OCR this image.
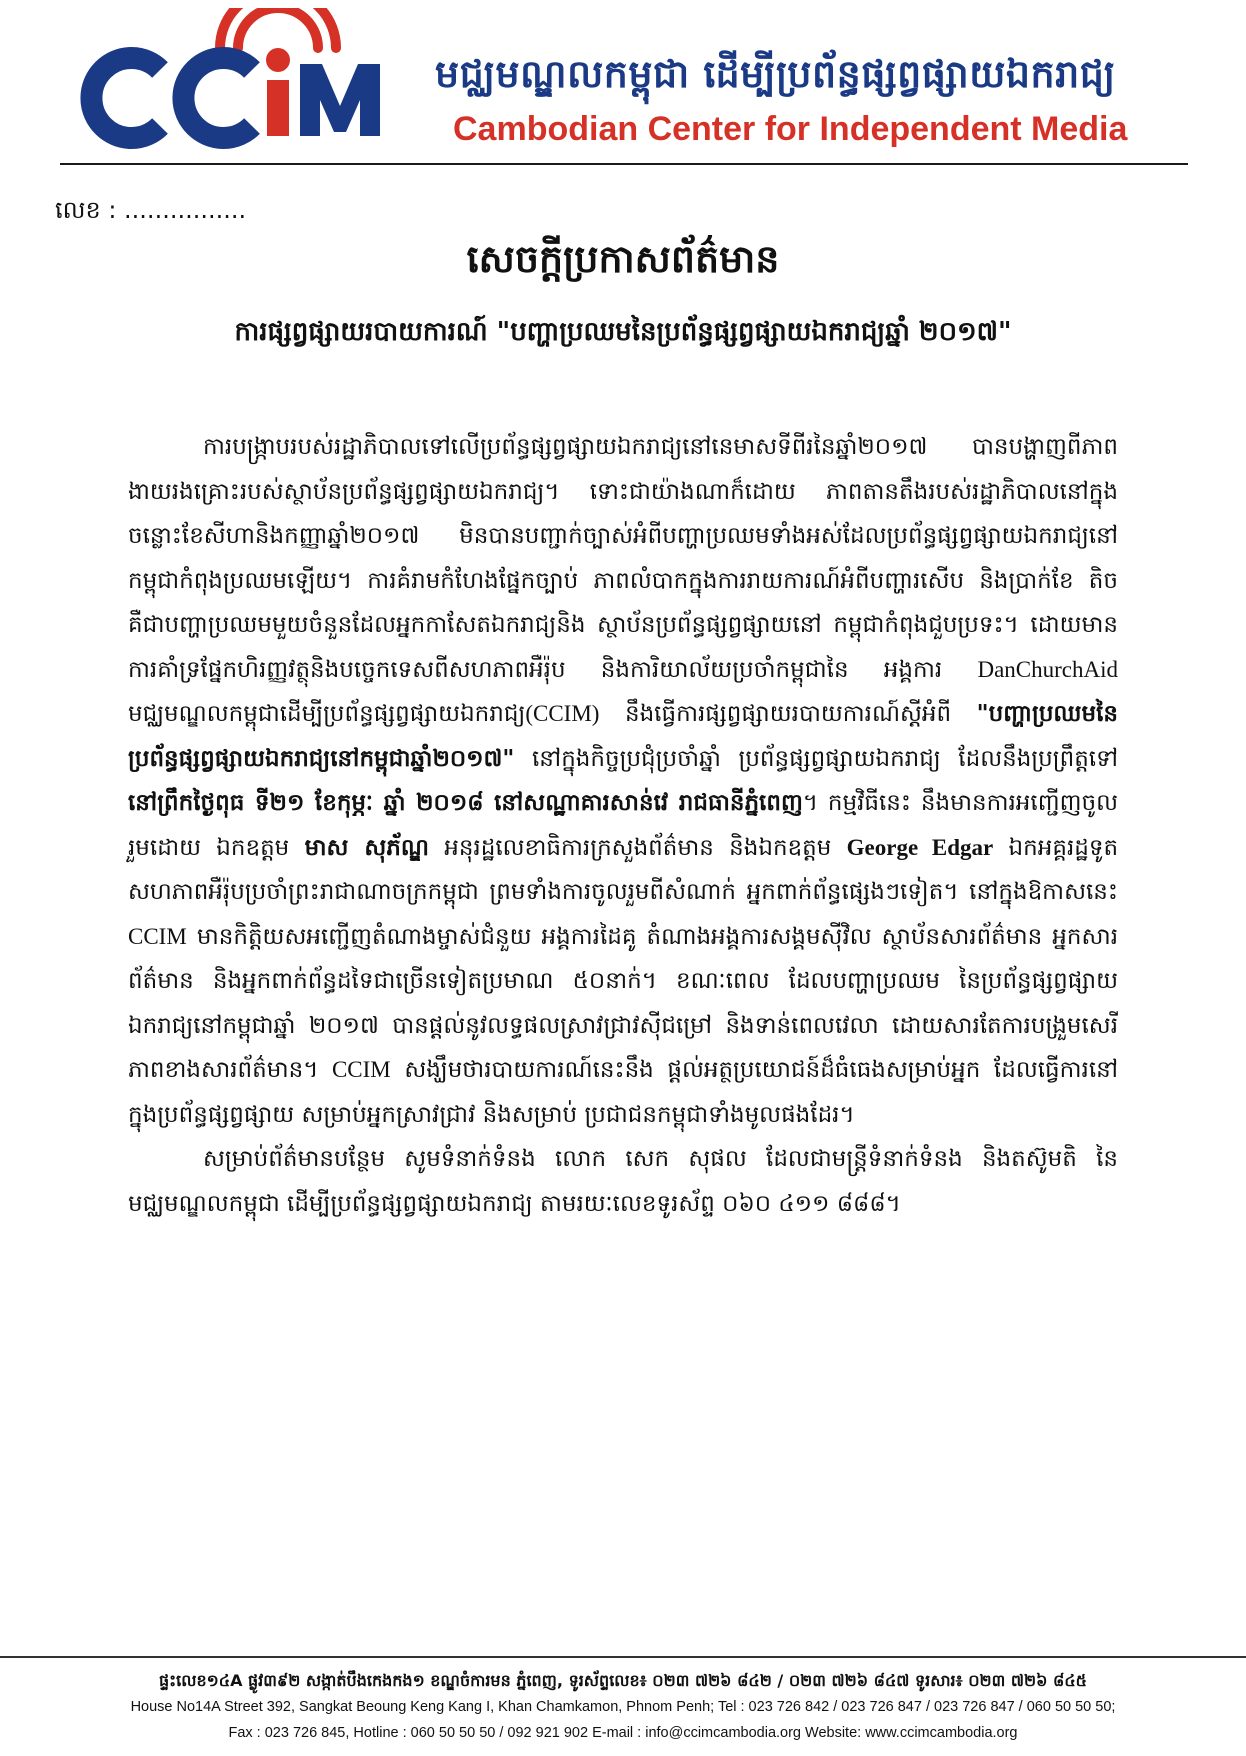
មជ្ឈមណ្ឌលកម្ពុជា ដើម្បីប្រព័ន្ធផ្សព្វផ្សាយឯករាជ្យ
Cambodian Center for Independent Media
លេខ : ................
សេចក្តីប្រកាសព័ត៌មាន
ការផ្សព្វផ្សាយរបាយការណ៍ "បញ្ហាប្រឈមនៃប្រព័ន្ធផ្សព្វផ្សាយឯករាជ្យឆ្នាំ ២០១៧"

ការបង្ក្រាបរបស់រដ្ឋាភិបាលទៅលើប្រព័ន្ធផ្សព្វផ្សាយឯករាជ្យនៅនេមាសទីពីរនៃឆ្នាំ២០១៧ បានបង្ហាញពីភាពងាយរងគ្រោះរបស់ស្ថាប័នប្រព័ន្ធផ្សព្វផ្សាយឯករាជ្យ។ ទោះជាយ៉ាងណាក៏ដោយ ភាពតានតឹងរបស់រដ្ឋាភិបាលនៅក្នុងចន្លោះខែសីហានិងកញ្ញាឆ្នាំ២០១៧ មិនបានបញ្ជាក់ច្បាស់អំពីបញ្ហាប្រឈមទាំងអស់ដែលប្រព័ន្ធផ្សព្វផ្សាយឯករាជ្យនៅ កម្ពុជាកំពុងប្រឈមឡើយ។ ការគំរាមកំហែងផ្នែកច្បាប់ ភាពលំបាកក្នុងការរាយការណ៍អំពីបញ្ហារសើប និងប្រាក់ខែ តិចគឺជាបញ្ហាប្រឈមមួយចំនួនដែលអ្នកកាសែតឯករាជ្យនិង ស្ថាប័នប្រព័ន្ធផ្សព្វផ្សាយនៅ កម្ពុជាកំពុងជួបប្រទះ។ ដោយមាន ការគាំទ្រផ្នែកហិរញ្ញវត្ថុនិងបច្ចេកទេសពីសហភាពអឺរ៉ុប និងការិយាល័យប្រចាំកម្ពុជានៃ អង្គការ DanChurchAid មជ្ឈមណ្ឌលកម្ពុជាដើម្បីប្រព័ន្ធផ្សព្វផ្សាយឯករាជ្យ(CCIM) នឹងធ្វើការផ្សព្វផ្សាយរបាយការណ៍ស្តីអំពី "បញ្ហាប្រឈមនៃ ប្រព័ន្ធផ្សព្វផ្សាយឯករាជ្យនៅកម្ពុជាឆ្នាំ២០១៧" នៅក្នុងកិច្ចប្រជុំប្រចាំឆ្នាំ ប្រព័ន្ធផ្សព្វផ្សាយឯករាជ្យ ដែលនឹងប្រព្រឹត្តទៅ នៅព្រឹកថ្ងៃពុធ ទី២១ ខែកុម្ភៈ ឆ្នាំ ២០១៨ នៅសណ្ឋាគារសាន់វេ រាជធានីភ្នំពេញ។ កម្មវិធីនេះ នឹងមានការអញ្ជើញចូលរួមដោយ ឯកឧត្តម មាស សុភ័ណ្ឌ អនុរដ្ឋលេខាធិការក្រសួងព័ត៌មាន និងឯកឧត្តម George Edgar ឯកអគ្គរដ្ឋទូត សហភាពអឺរ៉ុបប្រចាំព្រះរាជាណាចក្រកម្ពុជា ព្រមទាំងការចូលរួមពីសំណាក់ អ្នកពាក់ព័ន្ធផ្សេងៗទៀត។ នៅក្នុងឱកាសនេះ CCIM មានកិត្តិយសអញ្ជើញតំណាងម្ចាស់ជំនួយ អង្គការដៃគូ តំណាងអង្គការសង្គមស៊ីវិល ស្ថាប័នសារព័ត៌មាន អ្នកសារ ព័ត៌មាន និងអ្នកពាក់ព័ន្ធដទៃជាច្រើនទៀតប្រមាណ ៥០នាក់។ ខណៈពេល ដែលបញ្ហាប្រឈម នៃប្រព័ន្ធផ្សព្វផ្សាយឯករាជ្យនៅកម្ពុជាឆ្នាំ ២០១៧ បានផ្តល់នូវលទ្ធផលស្រាវជ្រាវស៊ីជម្រៅ និងទាន់ពេលវេលា ដោយសារតែការបង្រួមសេរីភាពខាងសារព័ត៌មាន។ CCIM សង្ឃឹមថារបាយការណ៍នេះនឹង ផ្តល់អត្ថប្រយោជន៍ដ៏ធំធេងសម្រាប់អ្នក ដែលធ្វើការនៅក្នុងប្រព័ន្ធផ្សព្វផ្សាយ សម្រាប់អ្នកស្រាវជ្រាវ និងសម្រាប់ ប្រជាជនកម្ពុជាទាំងមូលផងដែរ។

សម្រាប់ព័ត៌មានបន្ថែម សូមទំនាក់ទំនង លោក សេក សុផល ដែលជាមន្ត្រីទំនាក់ទំនង និងតស៊ូមតិ នៃមជ្ឈមណ្ឌលកម្ពុជា ដើម្បីប្រព័ន្ធផ្សព្វផ្សាយឯករាជ្យ តាមរយៈលេខទូរស័ព្ទ ០៦០ ៤១១ ៨៨៨។

ផ្ទះលេខ១៤A ផ្លូវ៣៩២ សង្កាត់បឹងកេងកង១ ខណ្ឌចំការមន ភ្នំពេញ, ទូរស័ព្ទលេខ៖ ០២៣ ៧២៦ ៨៤២ / ០២៣ ៧២៦ ៨៤៧ ទូរសារ៖ ០២៣ ៧២៦ ៨៤៥
House No14A Street 392, Sangkat Beoung Keng Kang I, Khan Chamkamon, Phnom Penh; Tel : 023 726 842 / 023 726 847 / 023 726 847 / 060 50 50 50;
Fax : 023 726 845, Hotline : 060 50 50 50 / 092 921 902 E-mail : info@ccimcambodia.org Website: www.ccimcambodia.org
